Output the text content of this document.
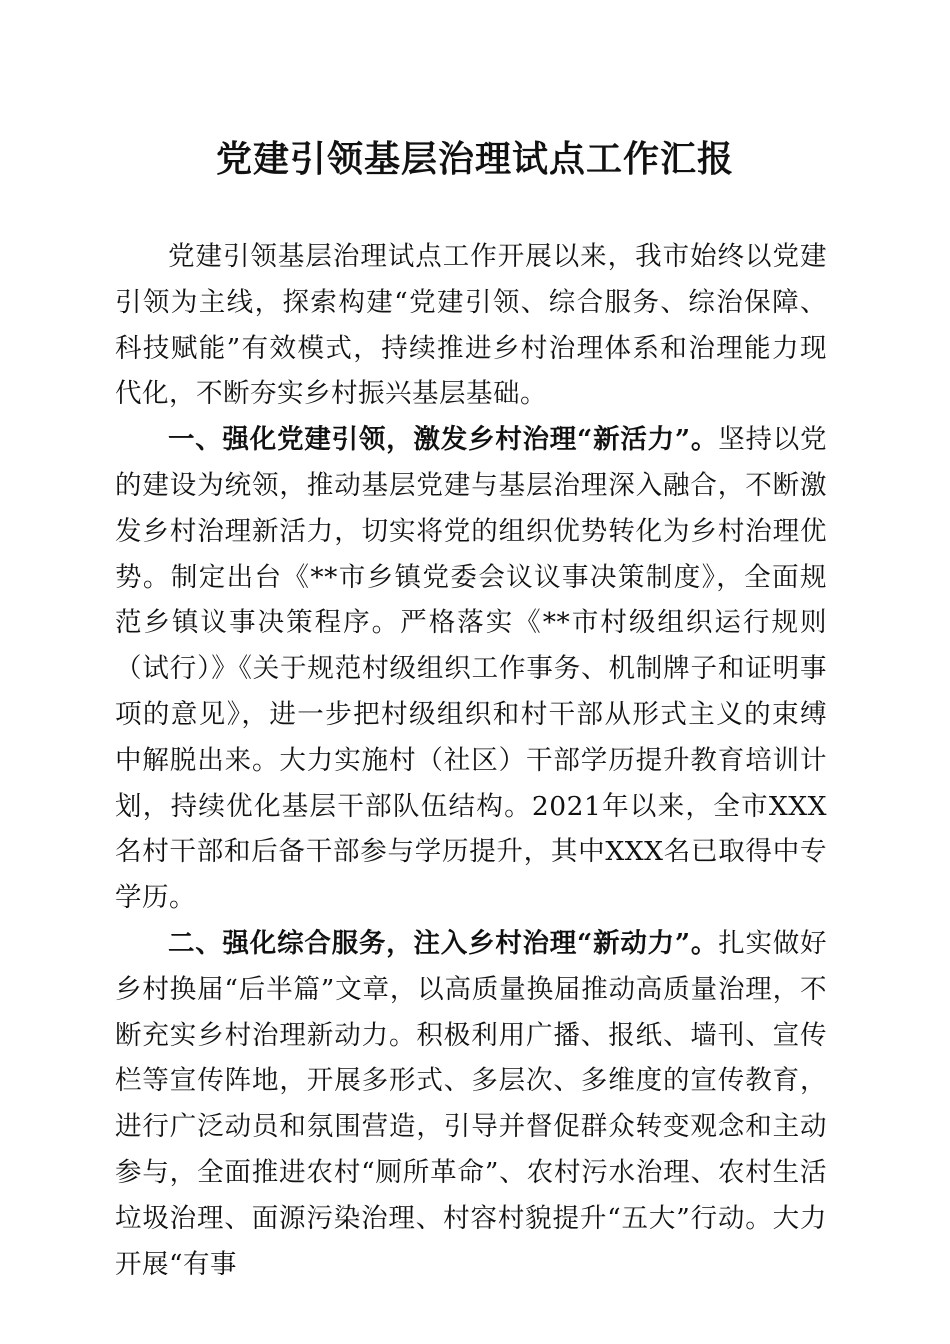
党建引领基层治理试点工作汇报

党建引领基层治理试点工作开展以来，我市始终以党建引领为主线，探索构建“党建引领、综合服务、综治保障、科技赋能”有效模式，持续推进乡村治理体系和治理能力现代化，不断夯实乡村振兴基层基础。

一、强化党建引领，激发乡村治理“新活力”。坚持以党的建设为统领，推动基层党建与基层治理深入融合，不断激发乡村治理新活力，切实将党的组织优势转化为乡村治理优势。制定出台《**市乡镇党委会议议事决策制度》，全面规范乡镇议事决策程序。严格落实《**市村级组织运行规则（试行）》《关于规范村级组织工作事务、机制牌子和证明事项的意见》，进一步把村级组织和村干部从形式主义的束缚中解脱出来。大力实施村（社区）干部学历提升教育培训计划，持续优化基层干部队伍结构。2021年以来，全市XXX名村干部和后备干部参与学历提升，其中XXX名已取得中专学历。

二、强化综合服务，注入乡村治理“新动力”。扎实做好乡村换届“后半篇”文章，以高质量换届推动高质量治理，不断充实乡村治理新动力。积极利用广播、报纸、墙刊、宣传栏等宣传阵地，开展多形式、多层次、多维度的宣传教育，进行广泛动员和氛围营造，引导并督促群众转变观念和主动参与，全面推进农村“厕所革命”、农村污水治理、农村生活垃圾治理、面源污染治理、村容村貌提升“五大”行动。大力开展“有事
